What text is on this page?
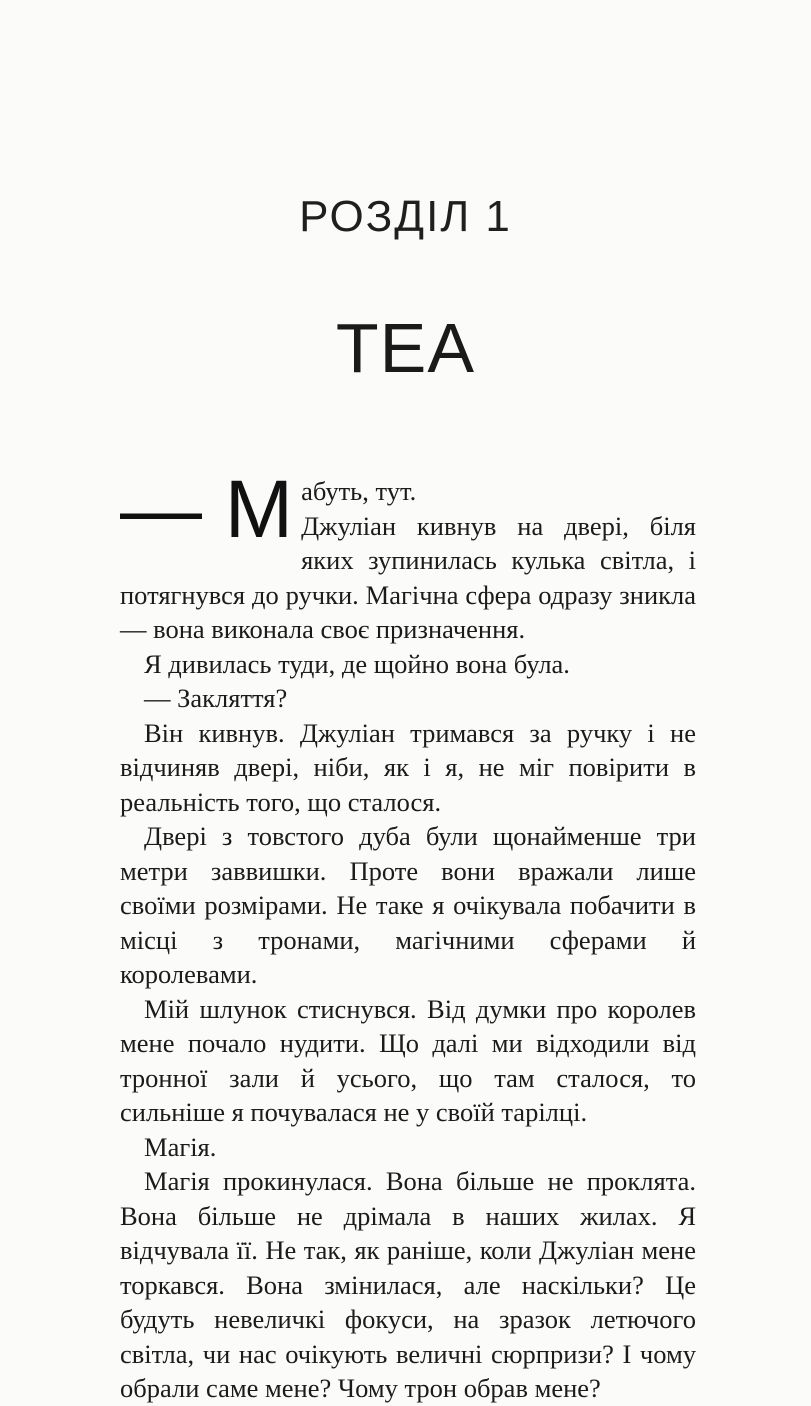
РОЗДІЛ 1
ТЕА

— М абуть, тут.
Джуліан кивнув на двері, біля яких зупинилась кулька світла, і потягнувся до ручки. Магічна сфера одразу зникла — вона виконала своє призначення.

Я дивилась туди, де щойно вона була.

— Закляття?

Він кивнув. Джуліан тримався за ручку і не відчиняв двері, ніби, як і я, не міг повірити в реальність того, що сталося.

Двері з товстого дуба були щонайменше три метри заввишки. Проте вони вражали лише своїми розмірами. Не таке я очікувала побачити в місці з тронами, магічними сферами й королевами.

Мій шлунок стиснувся. Від думки про королев мене почало нудити. Що далі ми відходили від тронної зали й усього, що там сталося, то сильніше я почувалася не у своїй тарілці.

Магія.

Магія прокинулася. Вона більше не проклята. Вона більше не дрімала в наших жилах. Я відчувала її. Не так, як раніше, коли Джуліан мене торкався. Вона змінилася, але наскільки? Це будуть невеличкі фокуси, на зразок летючого світла, чи нас очікують величні сюрпризи? І чому обрали саме мене? Чому трон обрав мене?
